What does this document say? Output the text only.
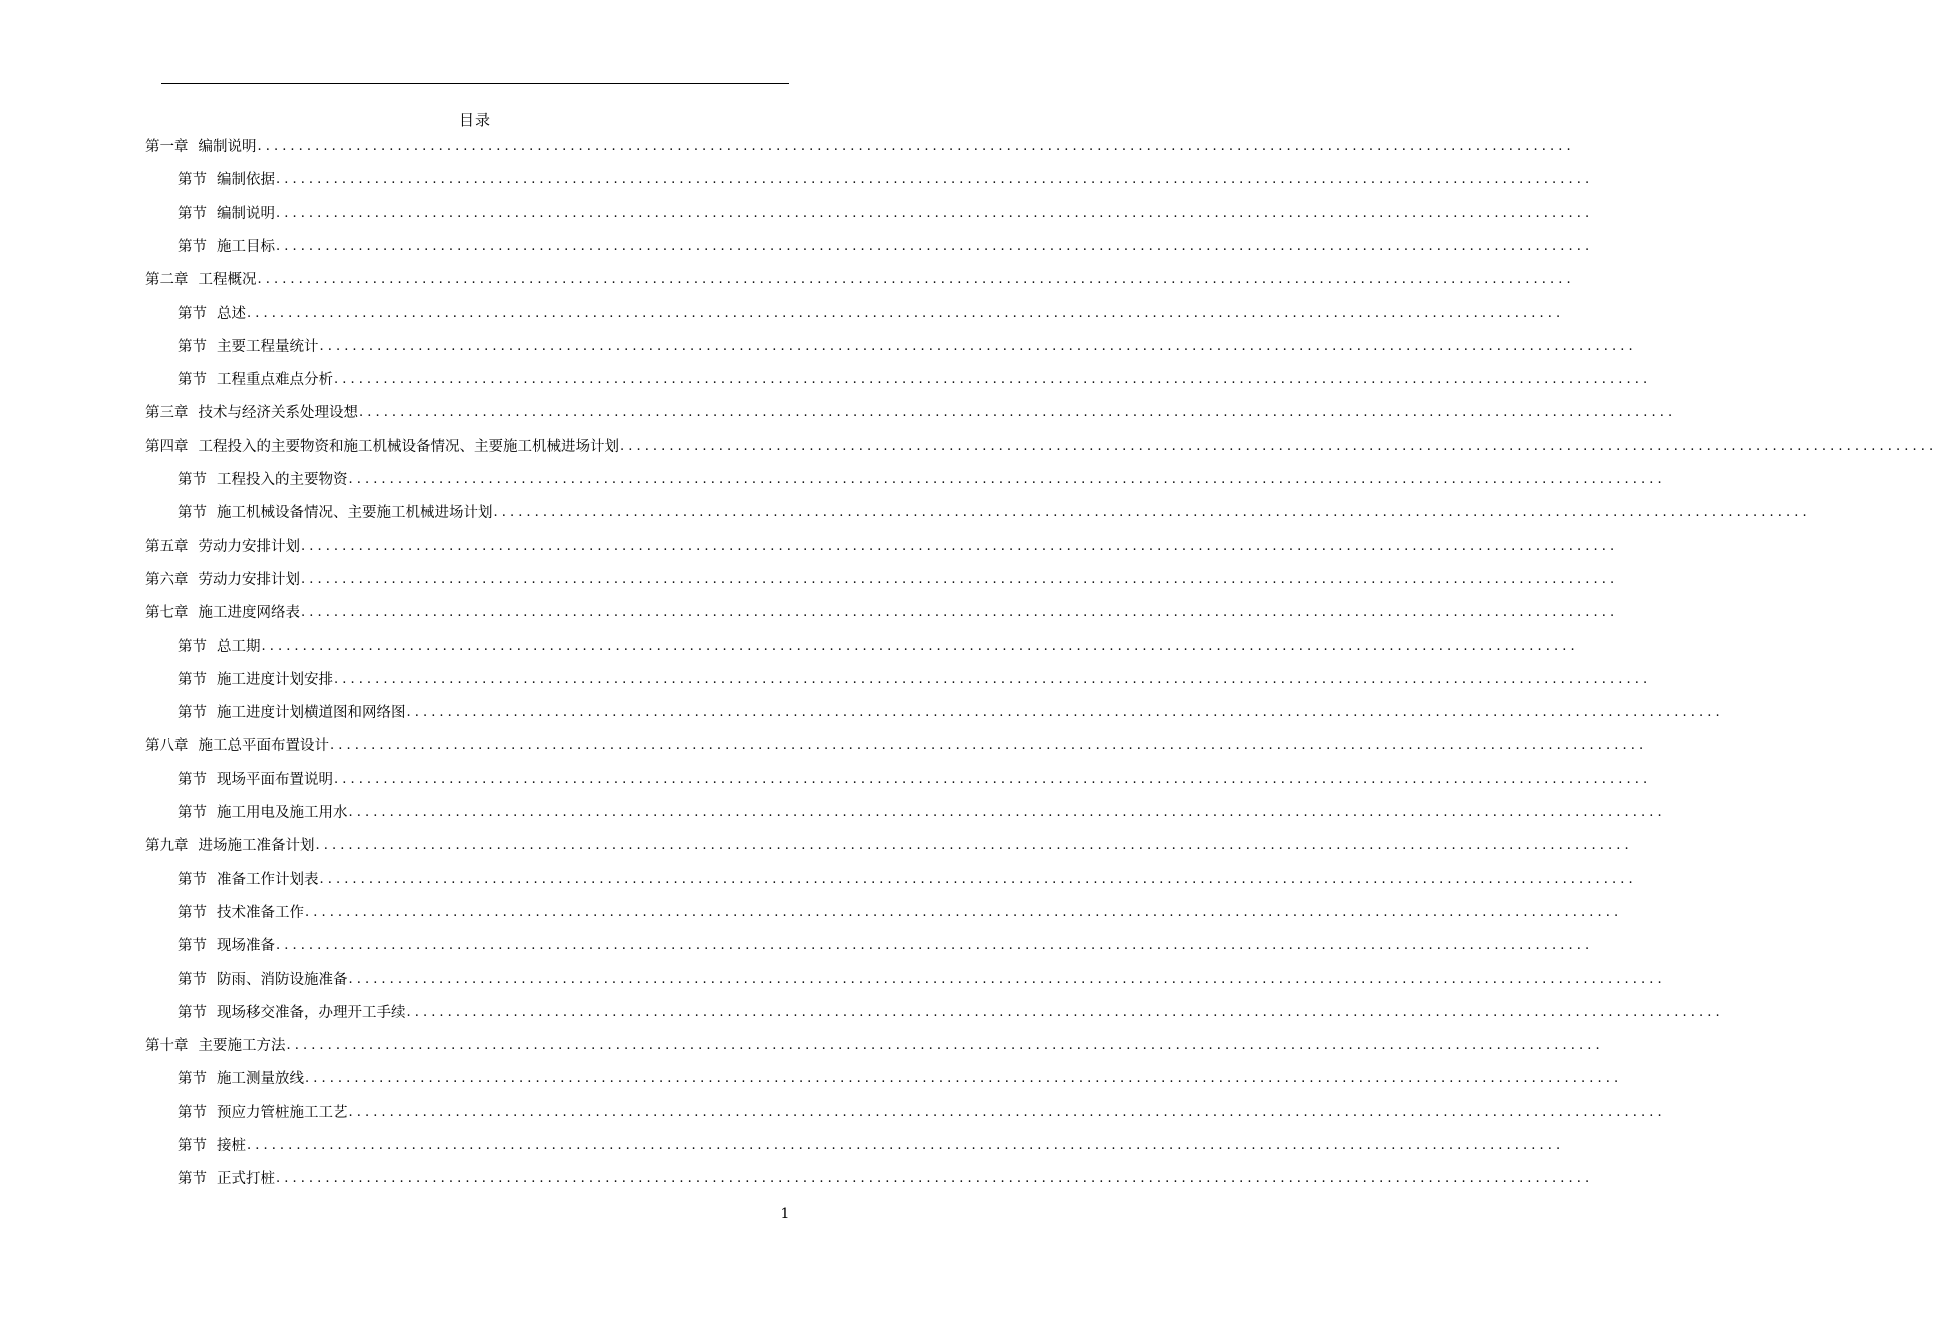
目录
第一章 编制说明 ................................................................................................................................................................
第节 编制依据 ................................................................................................................................................................
第节 编制说明 ................................................................................................................................................................
第节 施工目标 ................................................................................................................................................................
第二章 工程概况 ................................................................................................................................................................
第节 总述 ................................................................................................................................................................
第节 主要工程量统计 ................................................................................................................................................................
第节 工程重点难点分析 ................................................................................................................................................................
第三章 技术与经济关系处理设想 ................................................................................................................................................................
第四章 工程投入的主要物资和施工机械设备情况、主要施工机械进场计划 ................................................................................................................................................................
第节 工程投入的主要物资 ................................................................................................................................................................
第节 施工机械设备情况、主要施工机械进场计划 ................................................................................................................................................................
第五章 劳动力安排计划 ................................................................................................................................................................
第六章 劳动力安排计划 ................................................................................................................................................................
第七章 施工进度网络表 ................................................................................................................................................................
第节 总工期 ................................................................................................................................................................
第节 施工进度计划安排 ................................................................................................................................................................
第节 施工进度计划横道图和网络图 ................................................................................................................................................................
第八章 施工总平面布置设计 ................................................................................................................................................................
第节 现场平面布置说明 ................................................................................................................................................................
第节 施工用电及施工用水 ................................................................................................................................................................
第九章 进场施工准备计划 ................................................................................................................................................................
第节 准备工作计划表 ................................................................................................................................................................
第节 技术准备工作 ................................................................................................................................................................
第节 现场准备 ................................................................................................................................................................
第节 防雨、消防设施准备 ................................................................................................................................................................
第节 现场移交准备，办理开工手续 ................................................................................................................................................................
第十章 主要施工方法 ................................................................................................................................................................
第节 施工测量放线 ................................................................................................................................................................
第节 预应力管桩施工工艺 ................................................................................................................................................................
第节 接桩 ................................................................................................................................................................
第节 正式打桩 ................................................................................................................................................................
1
